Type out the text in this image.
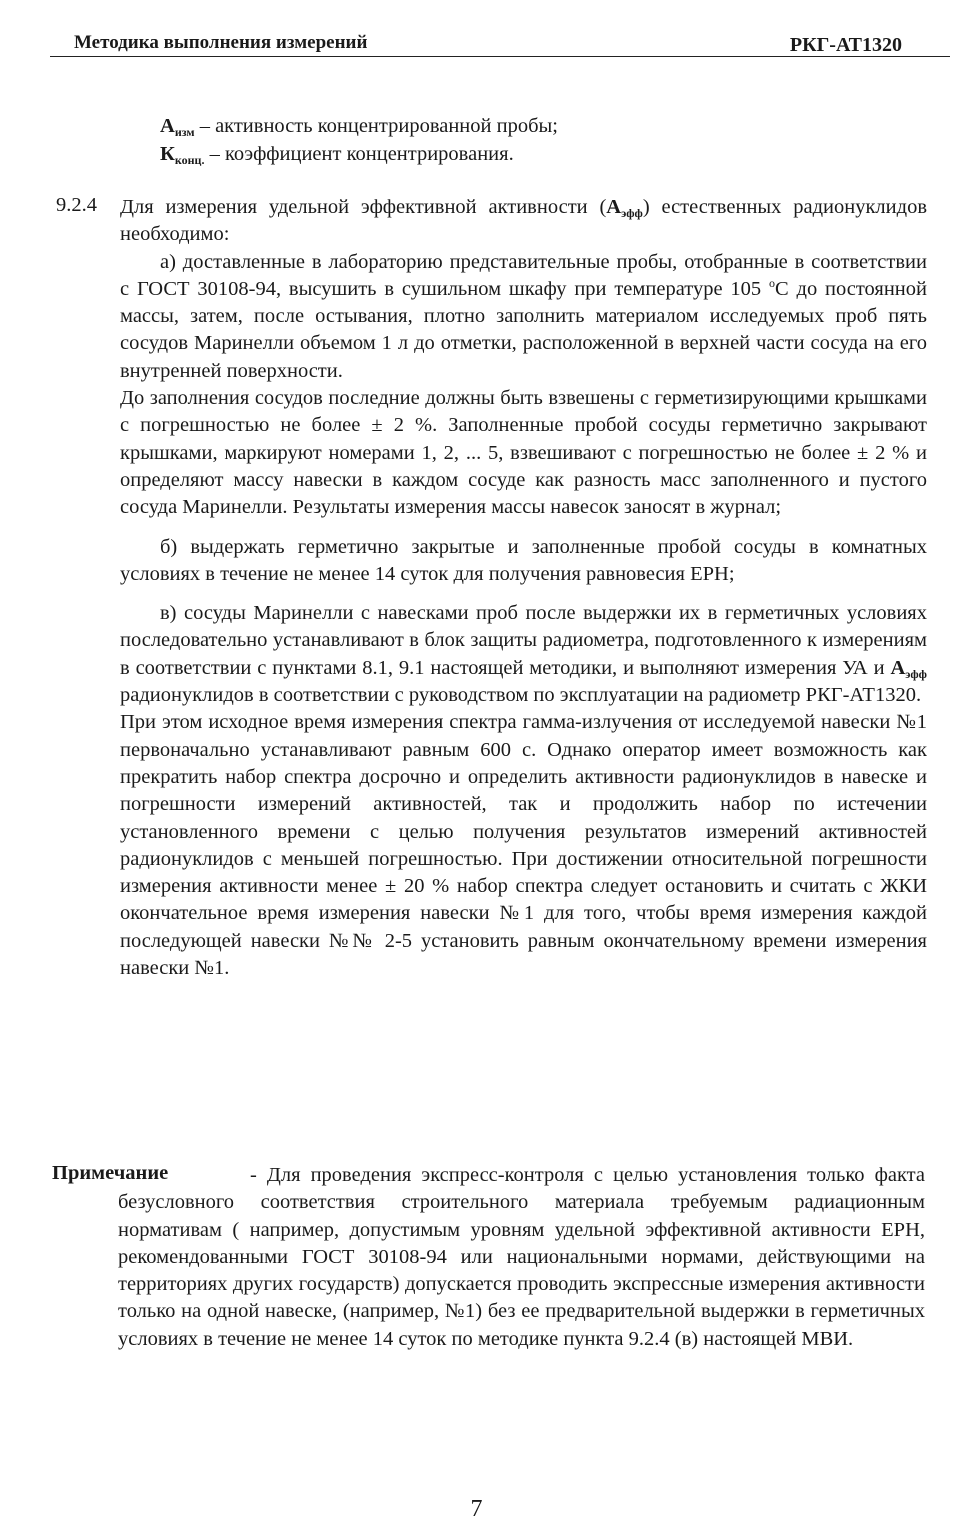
Методика выполнения измерений	РКГ-АТ1320
$А_{изм}$ – активность концентрированной пробы;
$К_{конц.}$ – коэффициент концентрирования.
9.2.4 Для измерения удельной эффективной активности $(А_{эфф})$ естественных радионуклидов необходимо:

а) доставленные в лабораторию представительные пробы, отобранные в соответствии с ГОСТ 30108-94, высушить в сушильном шкафу при температуре 105 $^о$С до постоянной массы, затем, после остывания, плотно заполнить материалом исследуемых проб пять сосудов Маринелли объемом 1 л до отметки, расположенной в верхней части сосуда на его внутренней поверхности.

До заполнения сосудов последние должны быть взвешены с герметизирующими крышками с погрешностью не более ± 2 %. Заполненные пробой сосуды герметично закрывают крышками, маркируют номерами 1, 2, ... 5, взвешивают с погрешностью не более ± 2 % и определяют массу навески в каждом сосуде как разность масс заполненного и пустого сосуда Маринелли. Результаты измерения массы навесок заносят в журнал;

б) выдержать герметично закрытые и заполненные пробой сосуды в комнатных условиях в течение не менее 14 суток для получения равновесия ЕРН;

в) сосуды Маринелли с навесками проб после выдержки их в герметичных условиях последовательно устанавливают в блок защиты радиометра, подготовленного к измерениям в соответствии с пунктами 8.1, 9.1 настоящей методики, и выполняют измерения УА и $А_{эфф}$ радионуклидов в соответствии с руководством по эксплуатации на радиометр РКГ-АТ1320.

При этом исходное время измерения спектра гамма-излучения от исследуемой навески №1 первоначально устанавливают равным 600 с. Однако оператор имеет возможность как прекратить набор спектра досрочно и определить активности радионуклидов в навеске и погрешности измерений активностей, так и продолжить набор по истечении установленного времени с целью получения результатов измерений активностей радионуклидов с меньшей погрешностью. При достижении относительной погрешности измерения активности менее ± 20 % набор спектра следует остановить и считать с ЖКИ окончательное время измерения навески №1 для того, чтобы время измерения каждой последующей навески №№ 2-5 установить равным окончательному времени измерения навески №1.

Примечание	- Для проведения экспресс-контроля с целью установления только факта безусловного соответствия строительного материала требуемым радиационным нормативам ( например, допустимым уровням удельной эффективной активности ЕРН, рекомендованными ГОСТ 30108-94 или национальными нормами, действующими на территориях других государств) допускается проводить экспрессные измерения активности только на одной навеске, (например, №1) без ее предварительной выдержки в герметичных условиях в течение не менее 14 суток по методике пункта 9.2.4 (в) настоящей МВИ.

7
